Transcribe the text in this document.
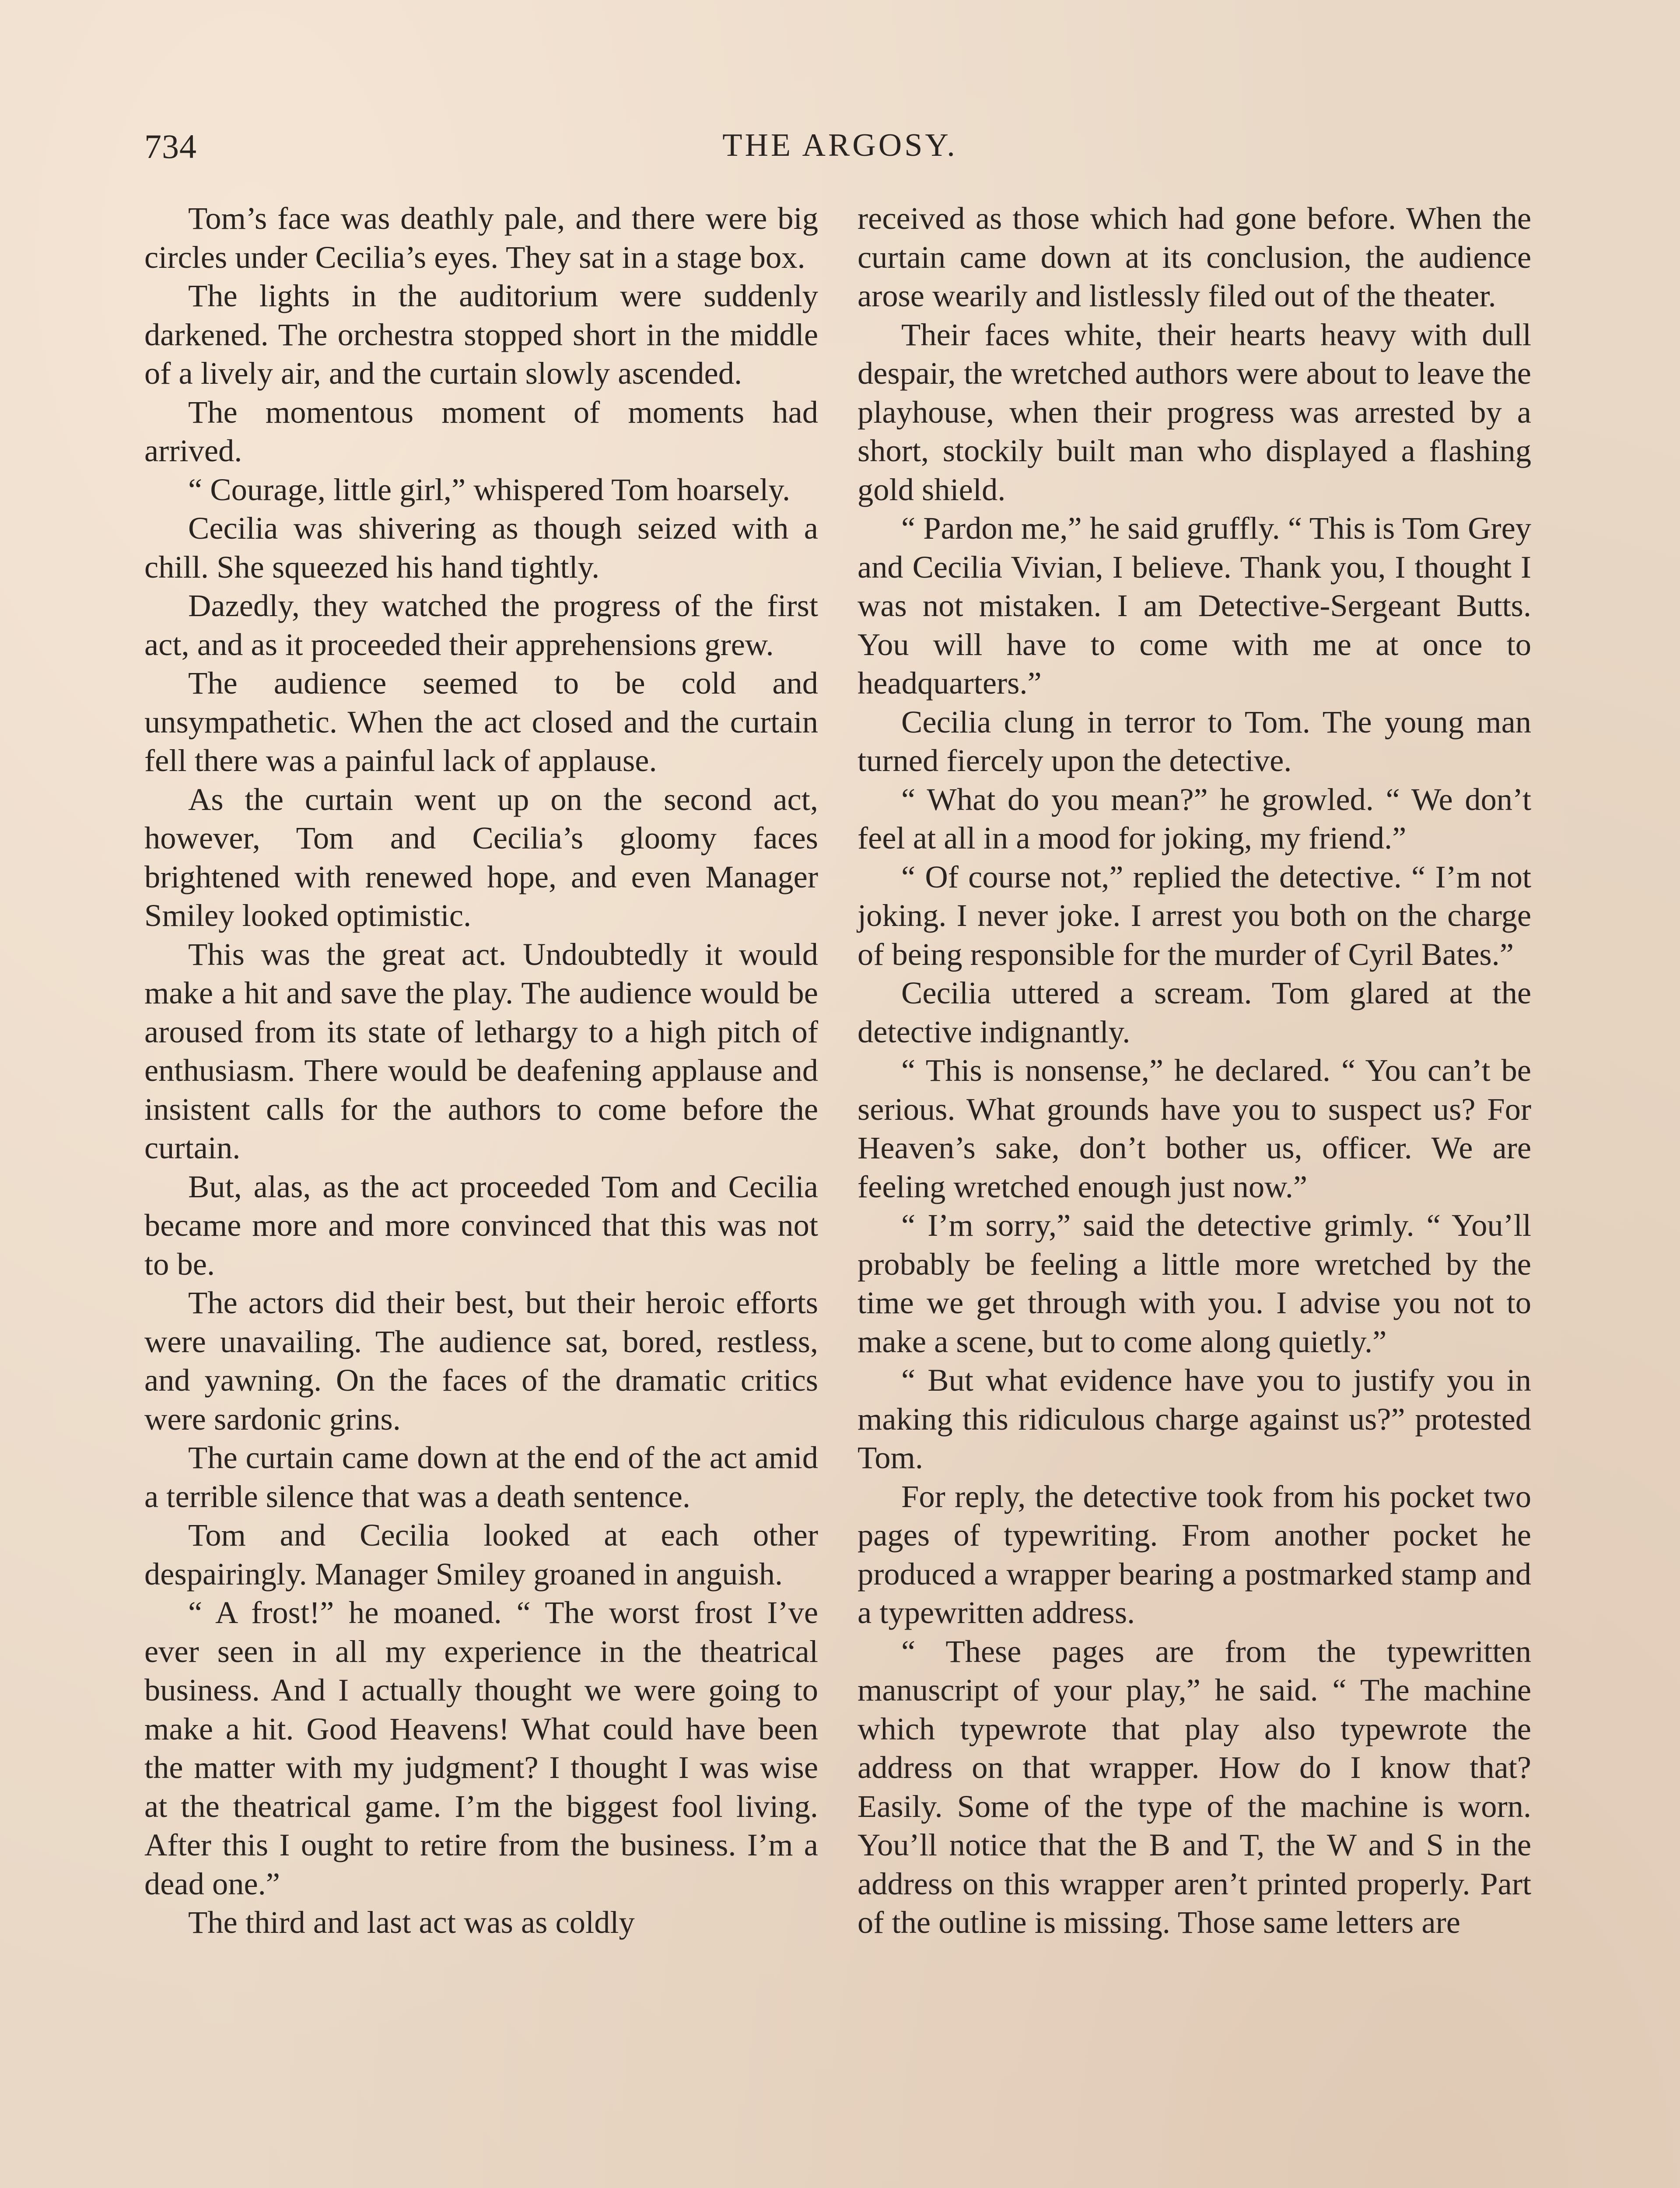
734	THE ARGOSY.

Tom’s face was deathly pale, and there were big circles under Cecilia’s eyes. They sat in a stage box.

The lights in the auditorium were suddenly darkened. The orchestra stopped short in the middle of a lively air, and the curtain slowly ascended.

The momentous moment of moments had arrived.

“ Courage, little girl,” whispered Tom hoarsely.

Cecilia was shivering as though seized with a chill. She squeezed his hand tightly.

Dazedly, they watched the progress of the first act, and as it proceeded their apprehensions grew.

The audience seemed to be cold and unsympathetic. When the act closed and the curtain fell there was a painful lack of applause.

As the curtain went up on the second act, however, Tom and Cecilia’s gloomy faces brightened with renewed hope, and even Manager Smiley looked optimistic.

This was the great act. Undoubtedly it would make a hit and save the play. The audience would be aroused from its state of lethargy to a high pitch of enthusiasm. There would be deafening applause and insistent calls for the authors to come before the curtain.

But, alas, as the act proceeded Tom and Cecilia became more and more convinced that this was not to be.

The actors did their best, but their heroic efforts were unavailing. The audience sat, bored, restless, and yawning. On the faces of the dramatic critics were sardonic grins.

The curtain came down at the end of the act amid a terrible silence that was a death sentence.

Tom and Cecilia looked at each other despairingly. Manager Smiley groaned in anguish.

“ A frost!” he moaned. “ The worst frost I’ve ever seen in all my experience in the theatrical business. And I actually thought we were going to make a hit. Good Heavens! What could have been the matter with my judgment? I thought I was wise at the theatrical game. I’m the biggest fool living. After this I ought to retire from the business. I’m a dead one.”

The third and last act was as coldly

received as those which had gone before. When the curtain came down at its conclusion, the audience arose wearily and listlessly filed out of the theater.

Their faces white, their hearts heavy with dull despair, the wretched authors were about to leave the playhouse, when their progress was arrested by a short, stockily built man who displayed a flashing gold shield.

“ Pardon me,” he said gruffly. “ This is Tom Grey and Cecilia Vivian, I believe. Thank you, I thought I was not mistaken. I am Detective-Sergeant Butts. You will have to come with me at once to headquarters.”

Cecilia clung in terror to Tom. The young man turned fiercely upon the detective.

“ What do you mean?” he growled. “ We don’t feel at all in a mood for joking, my friend.”

“ Of course not,” replied the detective. “ I’m not joking. I never joke. I arrest you both on the charge of being responsible for the murder of Cyril Bates.”

Cecilia uttered a scream. Tom glared at the detective indignantly.

“ This is nonsense,” he declared. “ You can’t be serious. What grounds have you to suspect us? For Heaven’s sake, don’t bother us, officer. We are feeling wretched enough just now.”

“ I’m sorry,” said the detective grimly. “ You’ll probably be feeling a little more wretched by the time we get through with you. I advise you not to make a scene, but to come along quietly.”

“ But what evidence have you to justify you in making this ridiculous charge against us?” protested Tom.

For reply, the detective took from his pocket two pages of typewriting. From another pocket he produced a wrapper bearing a postmarked stamp and a typewritten address.

“ These pages are from the typewritten manuscript of your play,” he said. “ The machine which typewrote that play also typewrote the address on that wrapper. How do I know that? Easily. Some of the type of the machine is worn. You’ll notice that the B and T, the W and S in the address on this wrapper aren’t printed properly. Part of the outline is missing. Those same letters are
